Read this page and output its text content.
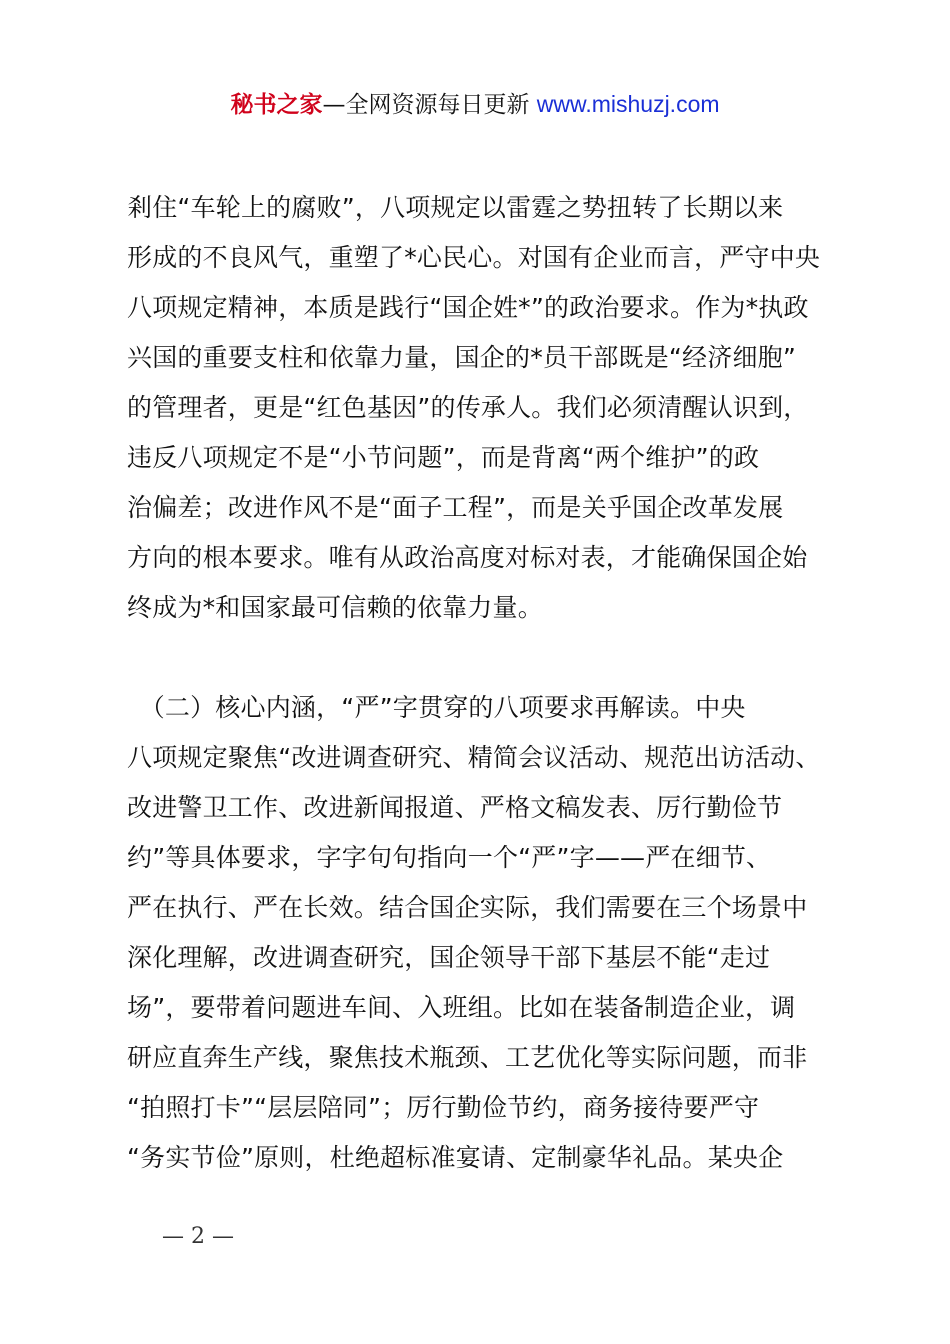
秘书之家—全网资源每日更新 www.mishuzj.com
剎住“车轮上的腐败”，八项规定以雷霆之势扭转了长期以来
形成的不良风气，重塑了*心民心。对国有企业而言，严守中央
八项规定精神，本质是践行“国企姓*”的政治要求。作为*执政
兴国的重要支柱和依靠力量，国企的*员干部既是“经济细胞”
的管理者，更是“红色基因”的传承人。我们必须清醒认识到，
违反八项规定不是“小节问题”，而是背离“两个维护”的政
治偏差；改进作风不是“面子工程”，而是关乎国企改革发展
方向的根本要求。唯有从政治高度对标对表，才能确保国企始
终成为*和国家最可信赖的依靠力量。
　（二）核心内涵，“严”字贯穿的八项要求再解读。中央
八项规定聚焦“改进调查研究、精简会议活动、规范出访活动、
改进警卫工作、改进新闻报道、严格文稿发表、厉行勤俭节
约”等具体要求，字字句句指向一个“严”字——严在细节、
严在执行、严在长效。结合国企实际，我们需要在三个场景中
深化理解，改进调查研究，国企领导干部下基层不能“走过
场”，要带着问题进车间、入班组。比如在装备制造企业，调
研应直奔生产线，聚焦技术瓶颈、工艺优化等实际问题，而非
“拍照打卡”“层层陪同”；厉行勤俭节约，商务接待要严守
“务实节俭”原则，杜绝超标准宴请、定制豪华礼品。某央企
— 2 —
